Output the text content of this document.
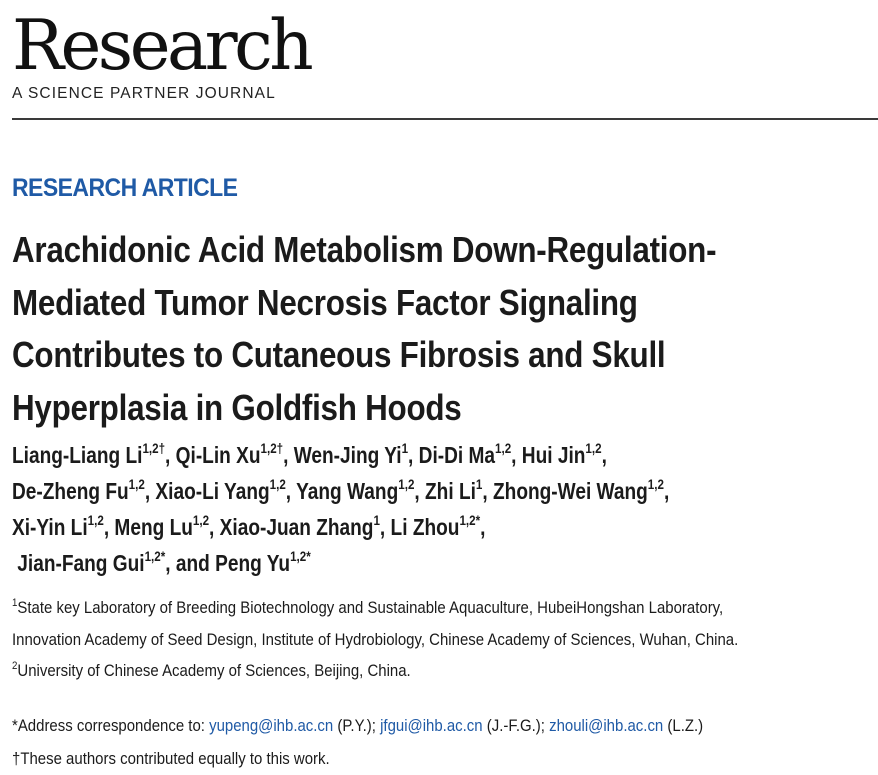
Research
A SCIENCE PARTNER JOURNAL
RESEARCH ARTICLE
Arachidonic Acid Metabolism Down-Regulation-
Mediated Tumor Necrosis Factor Signaling
Contributes to Cutaneous Fibrosis and Skull
Hyperplasia in Goldfish Hoods
Liang-Liang $Li^{1,2\dagger}$, Qi-Lin $Xu^{1,2\dagger}$, Wen-Jing Yi$^1$, Di-Di Ma$^{1,2}$, Hui Jin$^{1,2}$,
De-Zheng Fu$^{1,2}$, Xiao-Li Yang$^{1,2}$, Yang Wang$^{1,2}$, Zhi Li$^1$, Zhong-Wei Wang$^{1,2}$,
Xi-Yin Li$^{1,2}$, Meng Lu$^{1,2}$, Xiao-Juan Zhang$^1$, Li Zhou$^{1,2*}$,
Jian-Fang Gui$^{1,2*}$, and Peng $Yu^{1,2*}$
$^1$State key Laboratory of Breeding Biotechnology and Sustainable Aquaculture, HubeiHongshan Laboratory,
Innovation Academy of Seed Design, Institute of Hydrobiology, Chinese Academy of Sciences, Wuhan, China.
$^2$University of Chinese Academy of Sciences, Beijing, China.
*Address correspondence to: yupeng@ihb.ac.cn (P.Y.); jfgui@ihb.ac.cn (J.-F.G.); zhouli@ihb.ac.cn (L.Z.)
†These authors contributed equally to this work.
